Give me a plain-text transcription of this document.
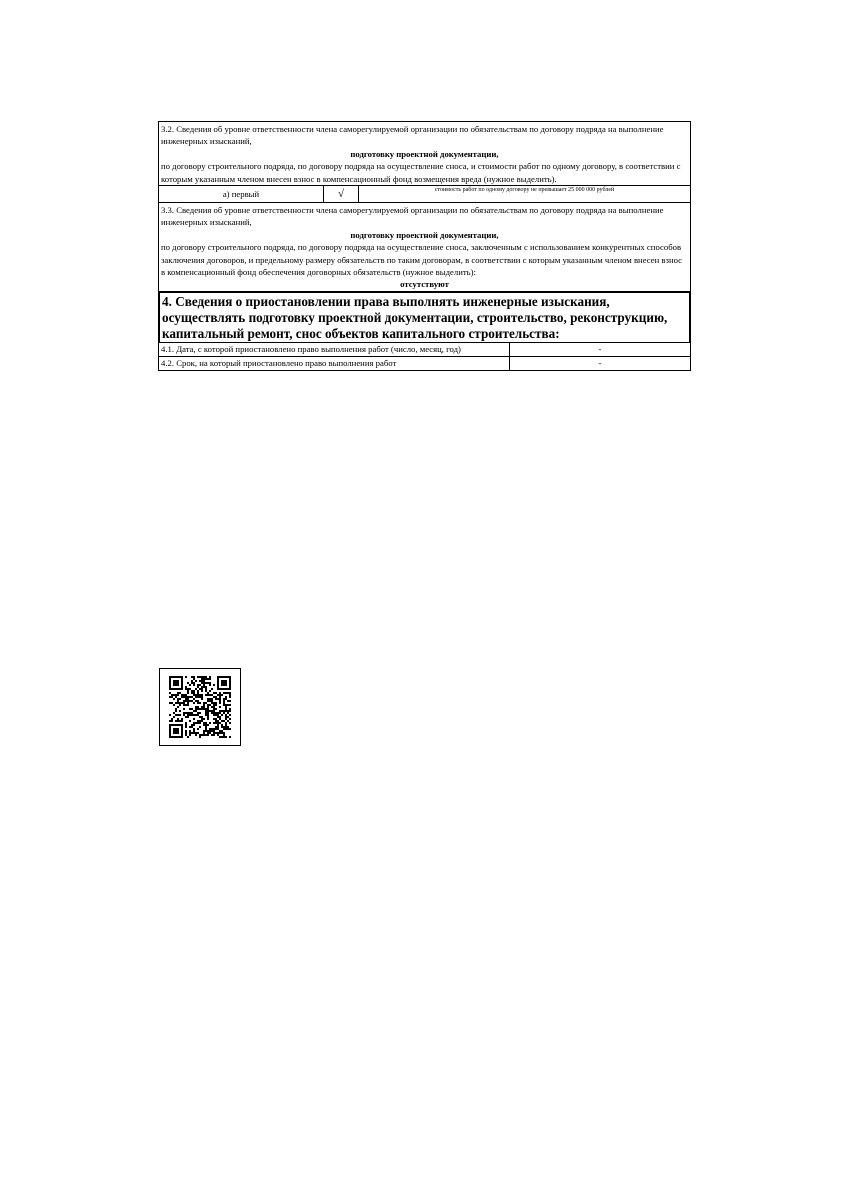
3.2. Сведения об уровне ответственности члена саморегулируемой организации по обязательствам по договору подряда на выполнение инженерных изысканий,

подготовку проектной документации,

по договору строительного подряда, по договору подряда на осуществление сноса, и стоимости работ по одному договору, в соответствии с которым указанным членом внесен взнос в компенсационный фонд возмещения вреда (нужное выделить).

а) первый	√	стоимость работ по одному договору не превышает 25 000 000 рублей

3.3. Сведения об уровне ответственности члена саморегулируемой организации по обязательствам по договору подряда на выполнение инженерных изысканий,

подготовку проектной документации,

по договору строительного подряда, по договору подряда на осуществление сноса, заключенным с использованием конкурентных способов заключения договоров, и предельному размеру обязательств по таким договорам, в соответствии с которым указанным членом внесен взнос в компенсационный фонд обеспечения договорных обязательств (нужное выделить):

отсутствуют

4. Сведения о приостановлении права выполнять инженерные изыскания, осуществлять подготовку проектной документации, строительство, реконструкцию, капитальный ремонт, снос объектов капитального строительства:
4.1. Дата, с которой приостановлено право выполнения работ (число, месяц, год)	-
4.2. Срок, на который приостановлено право выполнения работ	-
